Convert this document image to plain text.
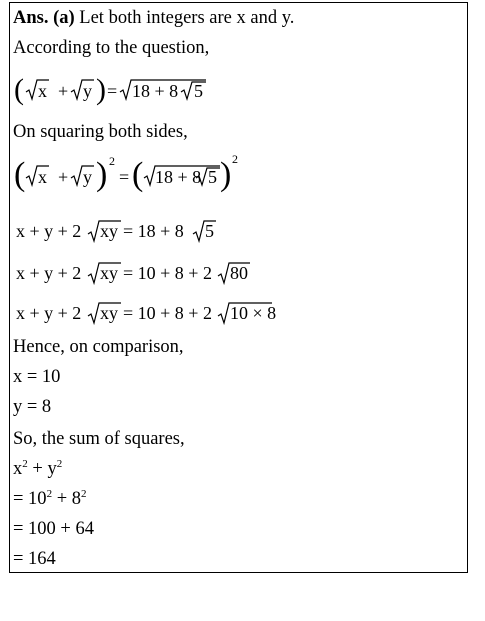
Ans. (a) Let both integers are x and y.
According to the question,
( x + y ) = 18 + 8 5
On squaring both sides,
( x + y ) 2
= ( 18 + 8 5 ) 2
x + y + 2 xy = 18 + 8 5
x + y + 2 xy = 10 + 8 + 2 80
x + y + 2 xy = 10 + 8 + 2 10 × 8
Hence, on comparison,
x = 10
y = 8
So, the sum of squares,
$x^2 + y^2$
= $10^2 + 8^2$
= 100 + 64
= 164
